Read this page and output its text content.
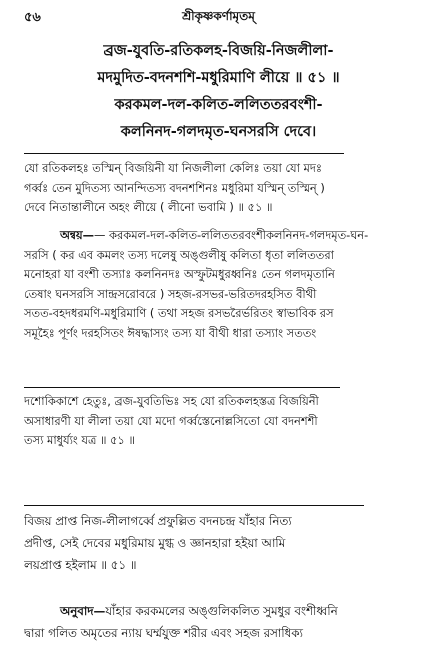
৫৬	শ্রীকৃষ্ণকর্ণামৃতম্
ব্রজ-যুবতি-রতিকলহ-বিজয়ি-নিজলীলা-
মদমুদিত-বদনশশি-মধুরিমাণি লীয়ে ॥ ৫১ ॥
করকমল-দল-কলিত-ললিততরবংশী-
কলনিনদ-গলদমৃত-ঘনসরসি দেবে।
যো রতিকলহঃ তস্মিন্ বিজয়িনী যা নিজলীলা কেলিঃ তয়া যো মদঃ
গর্ব্বঃ তেন মুদিতস্য আনন্দিতস্য বদনশশিনঃ মধুরিমা যস্মিন্ তস্মিন্ )
দেবে নিতান্তালীনে অহং লীয়ে ( লীনো ভবামি ) ॥ ৫১ ॥
অন্বয়—— করকমল-দল-কলিত-ললিততরবংশীকলনিনদ-গলদমৃত-ঘন-
সরসি ( কর এব কমলং তস্য দলেষু অঙ্গুলীষু কলিতা ধৃতা ললিততরা
মনোহরা যা বংশী তস্যাঃ কলনিনদঃ অস্ফুটমধুরধ্বনিঃ তেন গলদমৃতানি
তেষাং ঘনসরসি সান্দ্রসরোবরে ) সহজ-রসভর-ভরিতদরহসিত বীথী
সতত-বহদধরমণি-মধুরিমাণি ( তথা সহজ রসভরৈর্ভরিতং স্বাভাবিক রস
সমূহৈঃ পূর্ণং দরহসিতং ঈষদ্ধাস্যং তস্য যা বীথী ধারা তস্যাং সততং
দশোকিকাশে হেতুঃ, ব্রজ-যুবতিভিঃ সহ যো রতিকলহস্তত্র বিজয়িনী
অসাধারণী যা লীলা তয়া যো মদো গর্ব্বস্তেনোল্লসিতো যো বদনশশী
তস্য মাধুর্য্যং যত্র ॥ ৫১ ॥
বিজয় প্রাপ্ত নিজ-লীলাগর্ব্বে প্রফুল্লিত বদনচন্দ্র যাঁহার নিত্য
প্রদীপ্ত, সেই দেবের মধুরিমায় মুগ্ধ ও জ্ঞানহারা হইয়া আমি
লয়প্রাপ্ত হইলাম ॥ ৫১ ॥
অনুবাদ—যাঁহার করকমলের অঙ্গুলিকলিত সুমধুর বংশীধ্বনি
দ্বারা গলিত অমৃতের ন্যায় ঘর্ম্মযুক্ত শরীর এবং সহজ রসাধিক্য
